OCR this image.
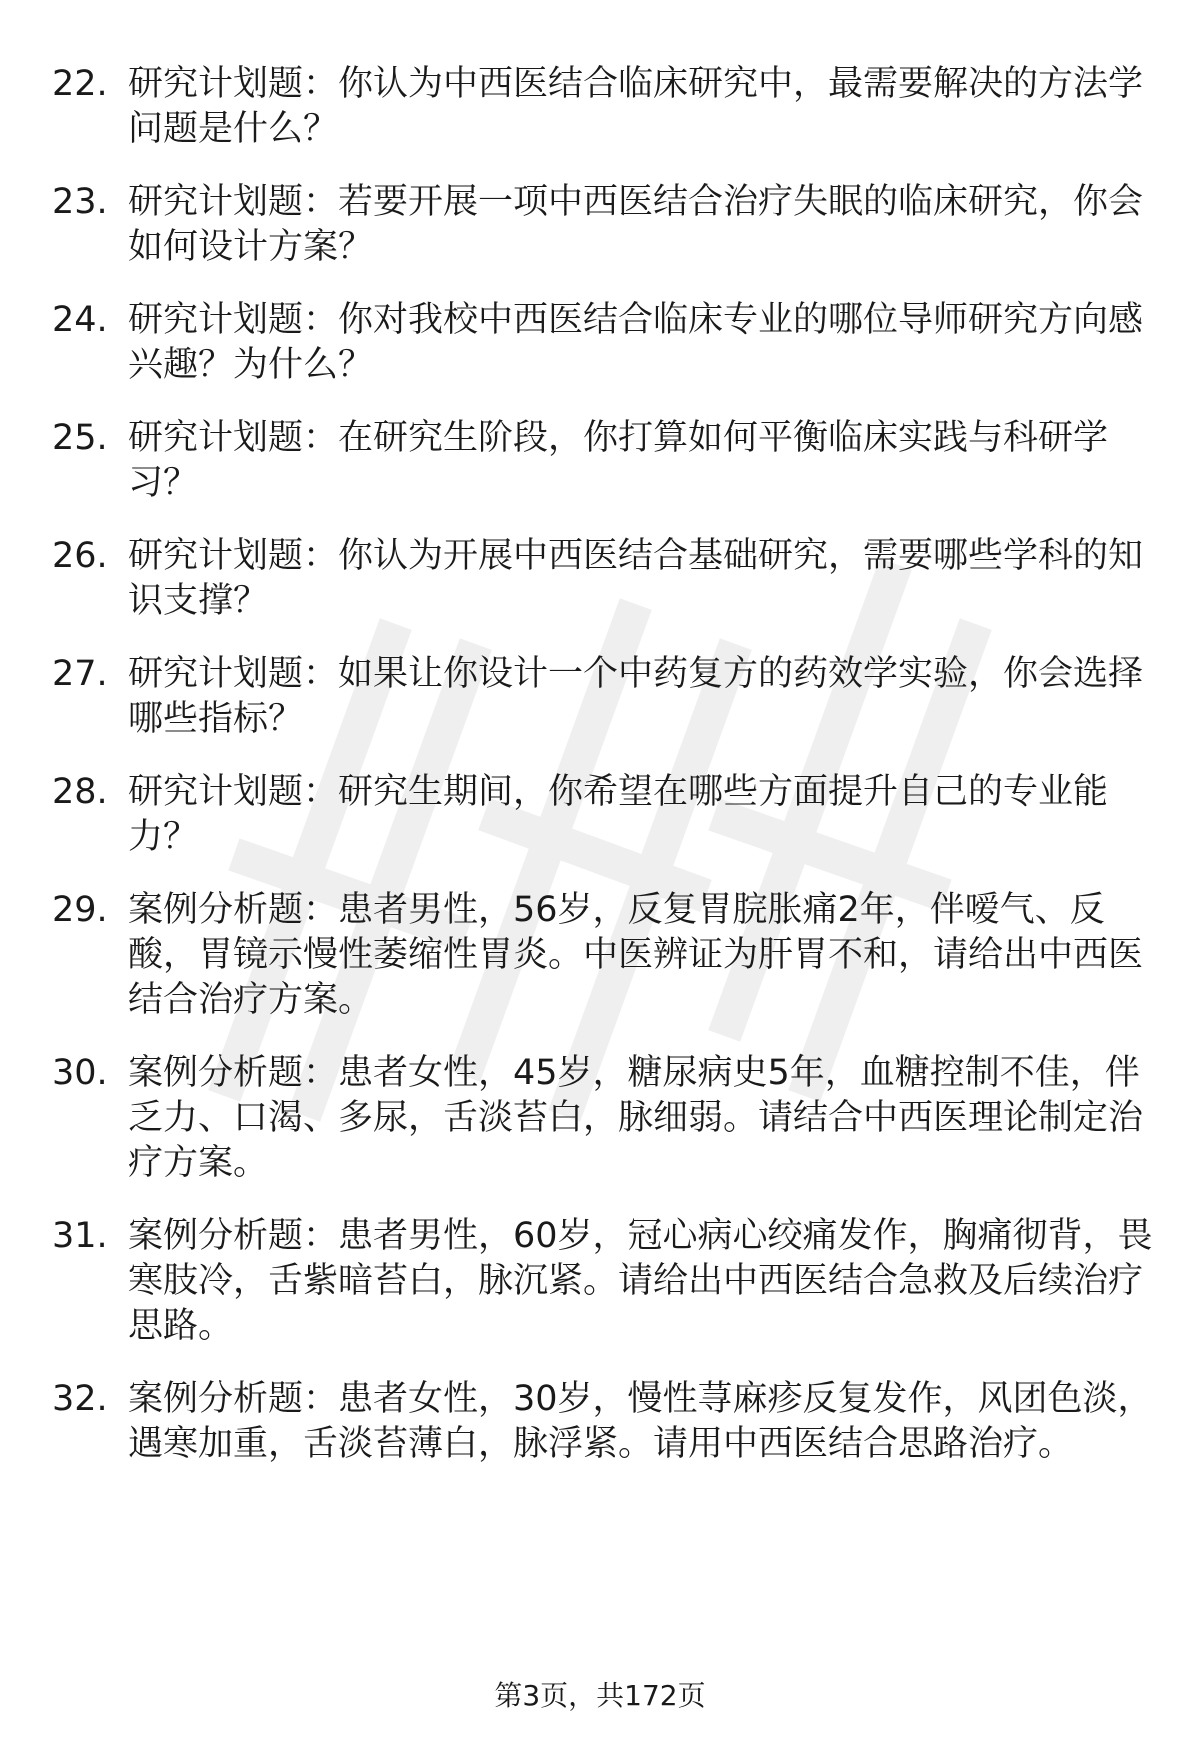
22. 研究计划题：你认为中西医结合临床研究中，最需要解决的方法学问题是什么？
23. 研究计划题：若要开展一项中西医结合治疗失眠的临床研究，你会如何设计方案？
24. 研究计划题：你对我校中西医结合临床专业的哪位导师研究方向感兴趣？为什么？
25. 研究计划题：在研究生阶段，你打算如何平衡临床实践与科研学习？
26. 研究计划题：你认为开展中西医结合基础研究，需要哪些学科的知识支撑？
27. 研究计划题：如果让你设计一个中药复方的药效学实验，你会选择哪些指标？
28. 研究计划题：研究生期间，你希望在哪些方面提升自己的专业能力？
29. 案例分析题：患者男性，56岁，反复胃脘胀痛2年，伴嗳气、反酸，胃镜示慢性萎缩性胃炎。中医辨证为肝胃不和，请给出中西医结合治疗方案。
30. 案例分析题：患者女性，45岁，糖尿病史5年，血糖控制不佳，伴乏力、口渴、多尿，舌淡苔白，脉细弱。请结合中西医理论制定治疗方案。
31. 案例分析题：患者男性，60岁，冠心病心绞痛发作，胸痛彻背，畏寒肢冷，舌紫暗苔白，脉沉紧。请给出中西医结合急救及后续治疗思路。
32. 案例分析题：患者女性，30岁，慢性荨麻疹反复发作，风团色淡，遇寒加重，舌淡苔薄白，脉浮紧。请用中西医结合思路治疗。
第3页，共172页
